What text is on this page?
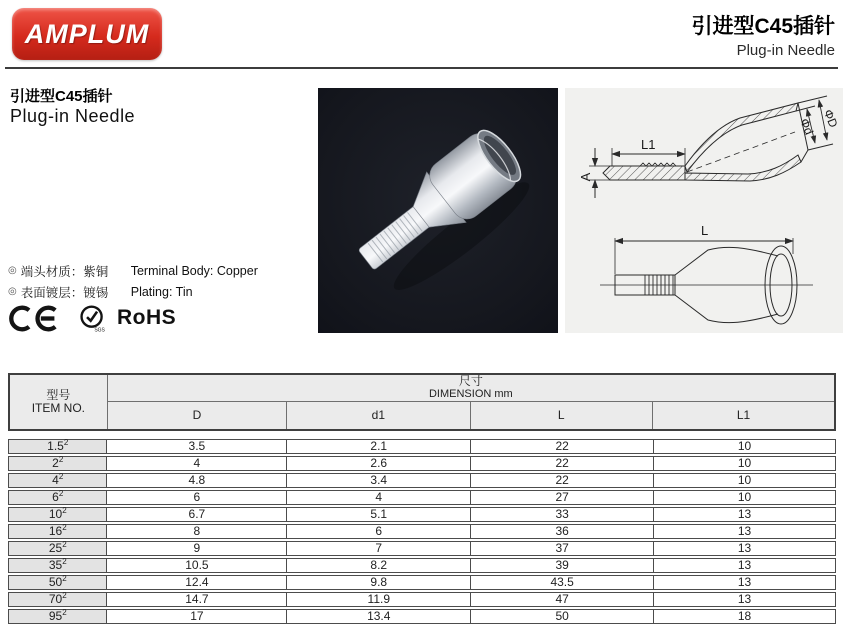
AMPLUM	引进型C45插针
Plug-in Needle
引进型C45插针
Plug-in Needle
L1
A
Φd ΦD
L
◎ 端头材质：紫铜	Terminal Body: Copper
◎ 表面镀层：镀锡	Plating: Tin
SGS
RoHS
型号
ITEM NO.

尺寸
DIMENSION mm

	D	d1	L	L1
$1.5^2$	3.5	2.1	22	10
$2^2$	4	2.6	22	10
$4^2$	4.8	3.4	22	10
$6^2$	6	4	27	10
$10^2$	6.7	5.1	33	13
$16^2$	8	6	36	13
$25^2$	9	7	37	13
$35^2$	10.5	8.2	39	13
$50^2$	12.4	9.8	43.5	13
$70^2$	14.7	11.9	47	13
$95^2$	17	13.4	50	18
